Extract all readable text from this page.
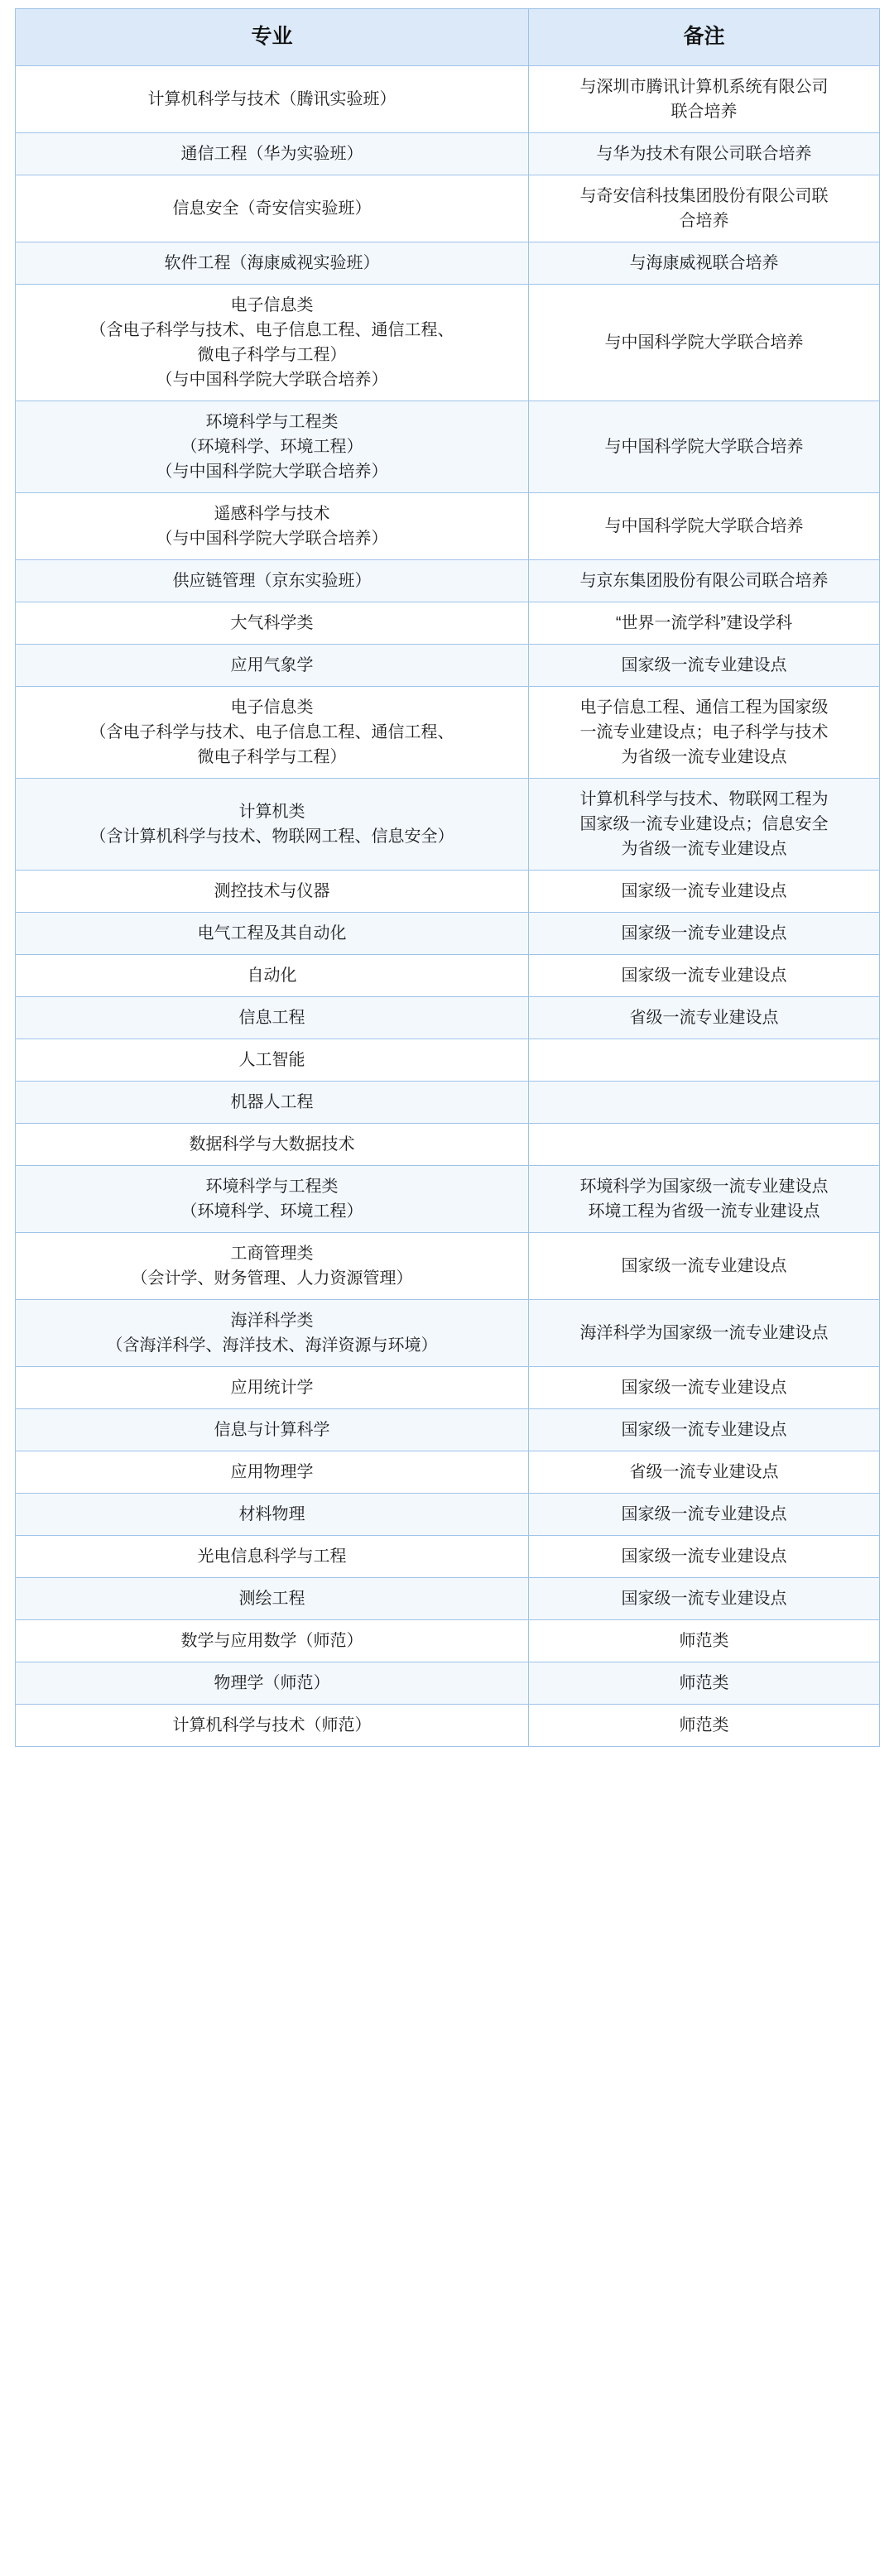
专业	备注

计算机科学与技术（腾讯实验班）	与深圳市腾讯计算机系统有限公司
联合培养

通信工程（华为实验班）	与华为技术有限公司联合培养

信息安全（奇安信实验班）	与奇安信科技集团股份有限公司联
合培养

软件工程（海康威视实验班）	与海康威视联合培养

电子信息类
（含电子科学与技术、电子信息工程、通信工程、
微电子科学与工程）
（与中国科学院大学联合培养）	与中国科学院大学联合培养

环境科学与工程类
（环境科学、环境工程）
（与中国科学院大学联合培养）	与中国科学院大学联合培养

遥感科学与技术
（与中国科学院大学联合培养）	与中国科学院大学联合培养

供应链管理（京东实验班）	与京东集团股份有限公司联合培养

大气科学类	“世界一流学科”建设学科

应用气象学	国家级一流专业建设点

电子信息类
（含电子科学与技术、电子信息工程、通信工程、
微电子科学与工程）	电子信息工程、通信工程为国家级
一流专业建设点；电子科学与技术
为省级一流专业建设点

计算机类
（含计算机科学与技术、物联网工程、信息安全）	计算机科学与技术、物联网工程为
国家级一流专业建设点；信息安全
为省级一流专业建设点

测控技术与仪器	国家级一流专业建设点

电气工程及其自动化	国家级一流专业建设点

自动化	国家级一流专业建设点

信息工程	省级一流专业建设点

人工智能	

机器人工程	

数据科学与大数据技术	

环境科学与工程类
（环境科学、环境工程）	环境科学为国家级一流专业建设点
环境工程为省级一流专业建设点

工商管理类
（会计学、财务管理、人力资源管理）	国家级一流专业建设点

海洋科学类
（含海洋科学、海洋技术、海洋资源与环境）	海洋科学为国家级一流专业建设点

应用统计学	国家级一流专业建设点

信息与计算科学	国家级一流专业建设点

应用物理学	省级一流专业建设点

材料物理	国家级一流专业建设点

光电信息科学与工程	国家级一流专业建设点

测绘工程	国家级一流专业建设点

数学与应用数学（师范）	师范类

物理学（师范）	师范类

计算机科学与技术（师范）	师范类
